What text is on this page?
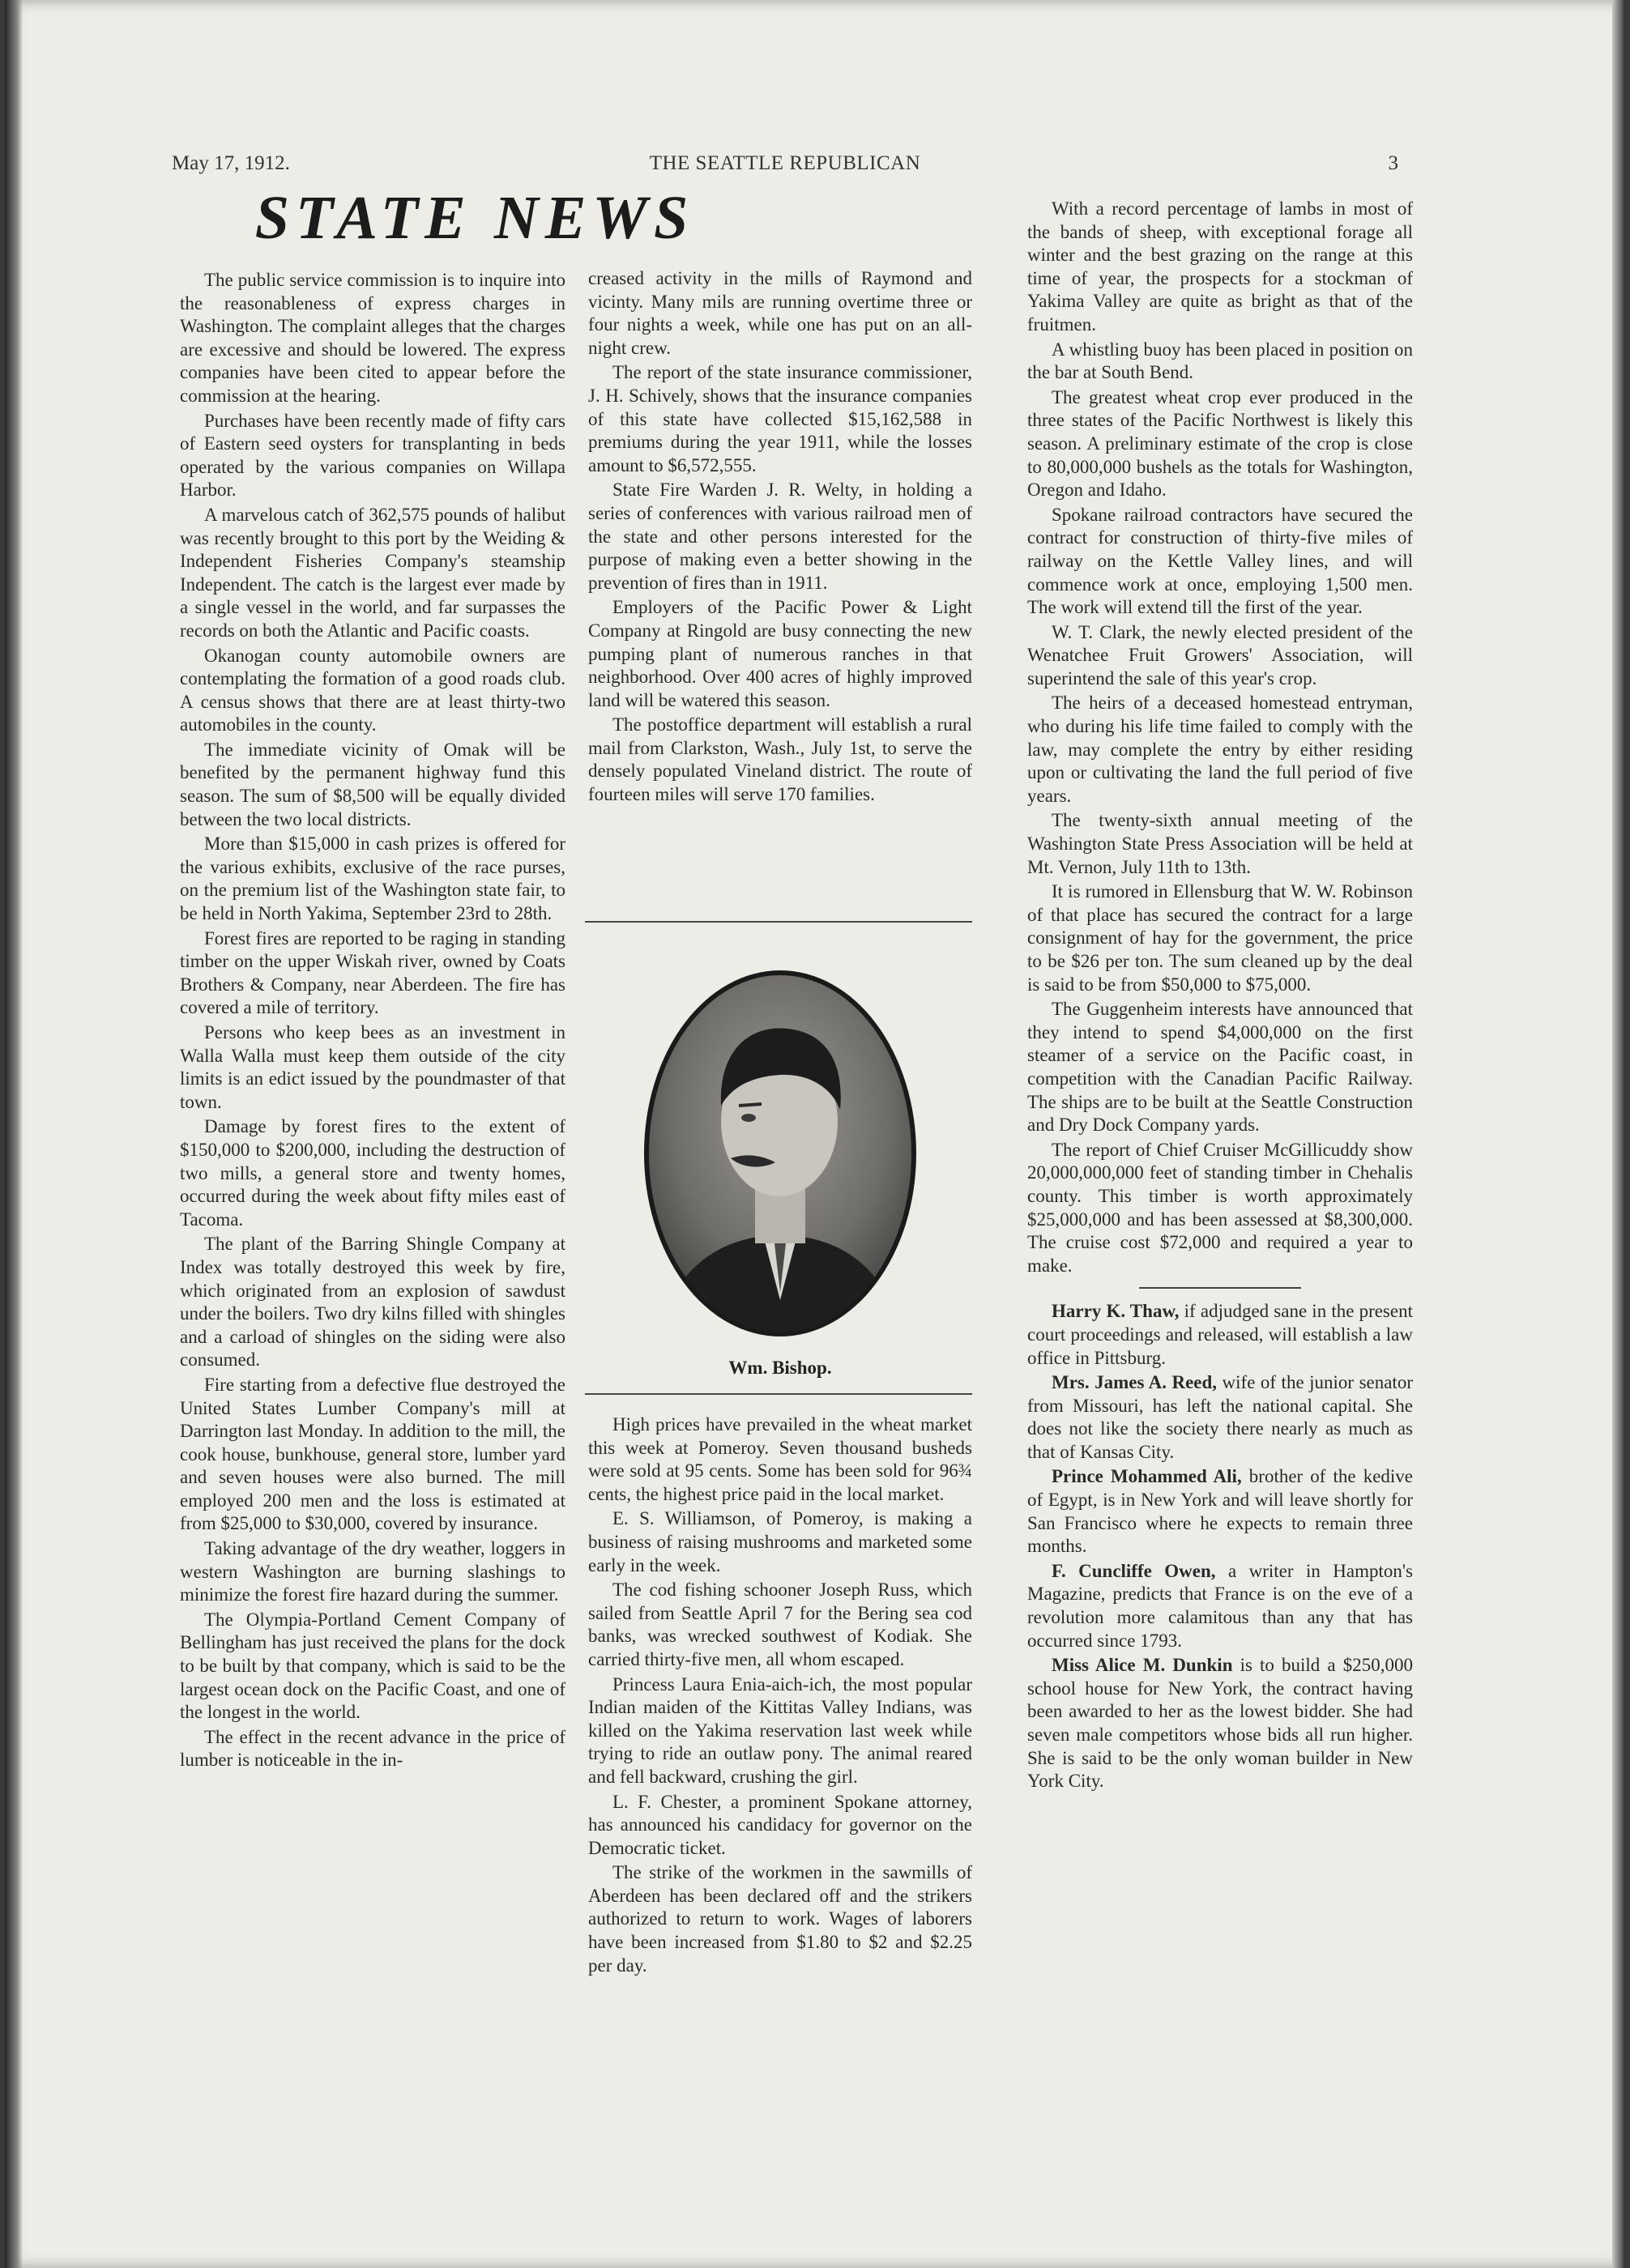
May 17, 1912.	THE SEATTLE REPUBLICAN	3
STATE NEWS

The public service commission is to inquire into the reasonableness of express charges in Washington. The complaint alleges that the charges are excessive and should be lowered. The express companies have been cited to appear before the commission at the hearing.

Purchases have been recently made of fifty cars of Eastern seed oysters for transplanting in beds operated by the various companies on Willapa Harbor.

A marvelous catch of 362,575 pounds of halibut was recently brought to this port by the Weiding & Independent Fisheries Company's steamship Independent. The catch is the largest ever made by a single vessel in the world, and far surpasses the records on both the Atlantic and Pacific coasts.

Okanogan county automobile owners are contemplating the formation of a good roads club. A census shows that there are at least thirty-two automobiles in the county.

The immediate vicinity of Omak will be benefited by the permanent highway fund this season. The sum of $8,500 will be equally divided between the two local districts.

More than $15,000 in cash prizes is offered for the various exhibits, exclusive of the race purses, on the premium list of the Washington state fair, to be held in North Yakima, September 23rd to 28th.

Forest fires are reported to be raging in standing timber on the upper Wiskah river, owned by Coats Brothers & Company, near Aberdeen. The fire has covered a mile of territory.

Persons who keep bees as an investment in Walla Walla must keep them outside of the city limits is an edict issued by the poundmaster of that town.

Damage by forest fires to the extent of $150,000 to $200,000, including the destruction of two mills, a general store and twenty homes, occurred during the week about fifty miles east of Tacoma.

The plant of the Barring Shingle Company at Index was totally destroyed this week by fire, which originated from an explosion of sawdust under the boilers. Two dry kilns filled with shingles and a carload of shingles on the siding were also consumed.

Fire starting from a defective flue destroyed the United States Lumber Company's mill at Darrington last Monday. In addition to the mill, the cook house, bunkhouse, general store, lumber yard and seven houses were also burned. The mill employed 200 men and the loss is estimated at from $25,000 to $30,000, covered by insurance.

Taking advantage of the dry weather, loggers in western Washington are burning slashings to minimize the forest fire hazard during the summer.

The Olympia-Portland Cement Company of Bellingham has just received the plans for the dock to be built by that company, which is said to be the largest ocean dock on the Pacific Coast, and one of the longest in the world.

The effect in the recent advance in the price of lumber is noticeable in the in-

creased activity in the mills of Raymond and vicinty. Many mils are running overtime three or four nights a week, while one has put on an all-night crew.

The report of the state insurance commissioner, J. H. Schively, shows that the insurance companies of this state have collected $15,162,588 in premiums during the year 1911, while the losses amount to $6,572,555.

State Fire Warden J. R. Welty, in holding a series of conferences with various railroad men of the state and other persons interested for the purpose of making even a better showing in the prevention of fires than in 1911.

Employers of the Pacific Power & Light Company at Ringold are busy connecting the new pumping plant of numerous ranches in that neighborhood. Over 400 acres of highly improved land will be watered this season.

The postoffice department will establish a rural mail from Clarkston, Wash., July 1st, to serve the densely populated Vineland district. The route of fourteen miles will serve 170 families.

Wm. Bishop.

High prices have prevailed in the wheat market this week at Pomeroy. Seven thousand busheds were sold at 95 cents. Some has been sold for 96¾ cents, the highest price paid in the local market.

E. S. Williamson, of Pomeroy, is making a business of raising mushrooms and marketed some early in the week.

The cod fishing schooner Joseph Russ, which sailed from Seattle April 7 for the Bering sea cod banks, was wrecked southwest of Kodiak. She carried thirty-five men, all whom escaped.

Princess Laura Enia-aich-ich, the most popular Indian maiden of the Kittitas Valley Indians, was killed on the Yakima reservation last week while trying to ride an outlaw pony. The animal reared and fell backward, crushing the girl.

L. F. Chester, a prominent Spokane attorney, has announced his candidacy for governor on the Democratic ticket.

The strike of the workmen in the sawmills of Aberdeen has been declared off and the strikers authorized to return to work. Wages of laborers have been increased from $1.80 to $2 and $2.25 per day.

With a record percentage of lambs in most of the bands of sheep, with exceptional forage all winter and the best grazing on the range at this time of year, the prospects for a stockman of Yakima Valley are quite as bright as that of the fruitmen.

A whistling buoy has been placed in position on the bar at South Bend.

The greatest wheat crop ever produced in the three states of the Pacific Northwest is likely this season. A preliminary estimate of the crop is close to 80,000,000 bushels as the totals for Washington, Oregon and Idaho.

Spokane railroad contractors have secured the contract for construction of thirty-five miles of railway on the Kettle Valley lines, and will commence work at once, employing 1,500 men. The work will extend till the first of the year.

W. T. Clark, the newly elected president of the Wenatchee Fruit Growers' Association, will superintend the sale of this year's crop.

The heirs of a deceased homestead entryman, who during his life time failed to comply with the law, may complete the entry by either residing upon or cultivating the land the full period of five years.

The twenty-sixth annual meeting of the Washington State Press Association will be held at Mt. Vernon, July 11th to 13th.

It is rumored in Ellensburg that W. W. Robinson of that place has secured the contract for a large consignment of hay for the government, the price to be $26 per ton. The sum cleaned up by the deal is said to be from $50,000 to $75,000.

The Guggenheim interests have announced that they intend to spend $4,000,000 on the first steamer of a service on the Pacific coast, in competition with the Canadian Pacific Railway. The ships are to be built at the Seattle Construction and Dry Dock Company yards.

The report of Chief Cruiser McGillicuddy show 20,000,000,000 feet of standing timber in Chehalis county. This timber is worth approximately $25,000,000 and has been assessed at $8,300,000. The cruise cost $72,000 and required a year to make.

Harry K. Thaw, if adjudged sane in the present court proceedings and released, will establish a law office in Pittsburg.

Mrs. James A. Reed, wife of the junior senator from Missouri, has left the national capital. She does not like the society there nearly as much as that of Kansas City.

Prince Mohammed Ali, brother of the kedive of Egypt, is in New York and will leave shortly for San Francisco where he expects to remain three months.

F. Cuncliffe Owen, a writer in Hampton's Magazine, predicts that France is on the eve of a revolution more calamitous than any that has occurred since 1793.

Miss Alice M. Dunkin is to build a $250,000 school house for New York, the contract having been awarded to her as the lowest bidder. She had seven male competitors whose bids all run higher. She is said to be the only woman builder in New York City.
